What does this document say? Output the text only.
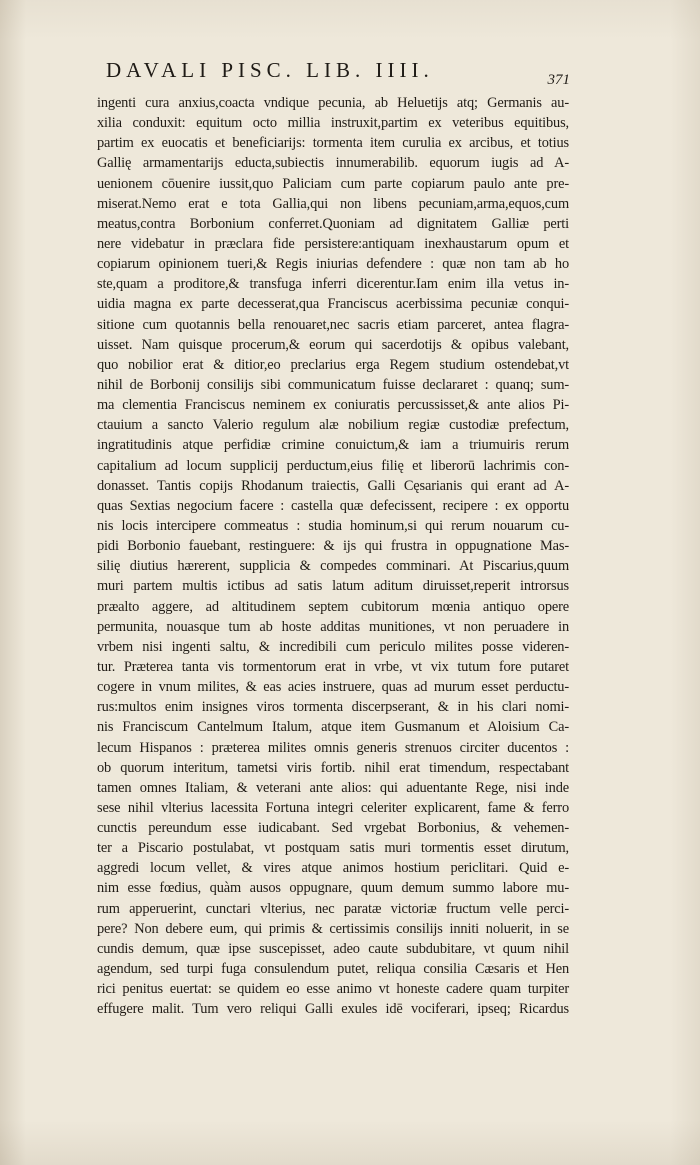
DAVALI PISC. LIB. IIII.	371
ingenti cura anxius,coacta vndique pecunia, ab Heluetijs atq; Germanis au-
xilia conduxit: equitum octo millia instruxit,partim ex veteribus equitibus,
partim ex euocatis et beneficiarijs: tormenta item curulia ex arcibus, et totius
Gallię armamentarijs educta,subiectis innumerabilib. equorum iugis ad A-
uenionem cōuenire iussit,quo Paliciam cum parte copiarum paulo ante pre-
miserat.Nemo erat e tota Gallia,qui non libens pecuniam,arma,equos,cum
meatus,contra Borbonium conferret.Quoniam ad dignitatem Galliæ perti
nere videbatur in præclara fide persistere:antiquam inexhaustarum opum et
copiarum opinionem tueri,& Regis iniurias defendere : quæ non tam ab ho
ste,quam a proditore,& transfuga inferri dicerentur.Iam enim illa vetus in-
uidia magna ex parte decesserat,qua Franciscus acerbissima pecuniæ conqui-
sitione cum quotannis bella renouaret,nec sacris etiam parceret, antea flagra-
uisset. Nam quisque procerum,& eorum qui sacerdotijs & opibus valebant,
quo nobilior erat & ditior,eo preclarius erga Regem studium ostendebat,vt
nihil de Borbonij consilijs sibi communicatum fuisse declararet : quanq; sum-
ma clementia Franciscus neminem ex coniuratis percussisset,& ante alios Pi-
ctauium a sancto Valerio regulum alæ nobilium regiæ custodiæ prefectum,
ingratitudinis atque perfidiæ crimine conuictum,& iam a triumuiris rerum
capitalium ad locum supplicij perductum,eius filię et liberorū lachrimis con-
donasset. Tantis copijs Rhodanum traiectis, Galli Cęsarianis qui erant ad A-
quas Sextias negocium facere : castella quæ defecissent, recipere : ex opportu
nis locis intercipere commeatus : studia hominum,si qui rerum nouarum cu-
pidi Borbonio fauebant, restinguere: & ijs qui frustra in oppugnatione Mas-
silię diutius hærerent, supplicia & compedes comminari. At Piscarius,quum
muri partem multis ictibus ad satis latum aditum diruisset,reperit introrsus
præalto aggere, ad altitudinem septem cubitorum mœnia antiquo opere
permunita, nouasque tum ab hoste additas munitiones, vt non peruadere in
vrbem nisi ingenti saltu, & incredibili cum periculo milites posse videren-
tur. Præterea tanta vis tormentorum erat in vrbe, vt vix tutum fore putaret
cogere in vnum milites, & eas acies instruere, quas ad murum esset perductu-
rus:multos enim insignes viros tormenta discerpserant, & in his clari nomi-
nis Franciscum Cantelmum Italum, atque item Gusmanum et Aloisium Ca-
lecum Hispanos : præterea milites omnis generis strenuos circiter ducentos :
ob quorum interitum, tametsi viris fortib. nihil erat timendum, respectabant
tamen omnes Italiam, & veterani ante alios: qui aduentante Rege, nisi inde
sese nihil vlterius lacessita Fortuna integri celeriter explicarent, fame & ferro
cunctis pereundum esse iudicabant. Sed vrgebat Borbonius, & vehemen-
ter a Piscario postulabat, vt postquam satis muri tormentis esset dirutum,
aggredi locum vellet, & vires atque animos hostium periclitari. Quid e-
nim esse fœdius, quàm ausos oppugnare, quum demum summo labore mu-
rum apperuerint, cunctari vlterius, nec paratæ victoriæ fructum velle perci-
pere? Non debere eum, qui primis & certissimis consilijs inniti noluerit, in se
cundis demum, quæ ipse suscepisset, adeo caute subdubitare, vt quum nihil
agendum, sed turpi fuga consulendum putet, reliqua consilia Cæsaris et Hen
rici penitus euertat: se quidem eo esse animo vt honeste cadere quam turpiter
effugere malit. Tum vero reliqui Galli exules idē vociferari, ipseq; Ricardus
